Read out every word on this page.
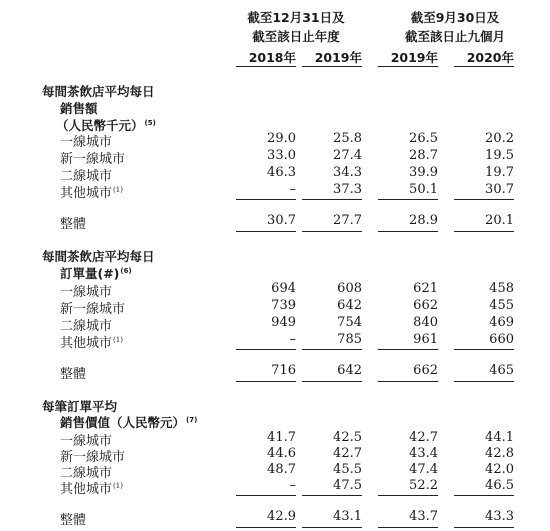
截至12月31日及
截至該日止年度
截至9月30日及
截至該日止九個月
2018年	2019年	2019年	2020年
每間茶飲店平均每日
銷售額
（人民幣千元）$^{(5)}$
一線城市	29.0	25.8	26.5	20.2
新一線城市	33.0	27.4	28.7	19.5
二線城市	46.3	34.3	39.9	19.7
其他城市$^{(1)}$	–	37.3	50.1	30.7
整體	30.7	27.7	28.9	20.1
每間茶飲店平均每日
訂單量(#)$^{(6)}$
一線城市	694	608	621	458
新一線城市	739	642	662	455
二線城市	949	754	840	469
其他城市$^{(1)}$	–	785	961	660
整體	716	642	662	465
每筆訂單平均
銷售價值（人民幣元）$^{(7)}$
一線城市	41.7	42.5	42.7	44.1
新一線城市	44.6	42.7	43.4	42.8
二線城市	48.7	45.5	47.4	42.0
其他城市$^{(1)}$	–	47.5	52.2	46.5
整體	42.9	43.1	43.7	43.3
